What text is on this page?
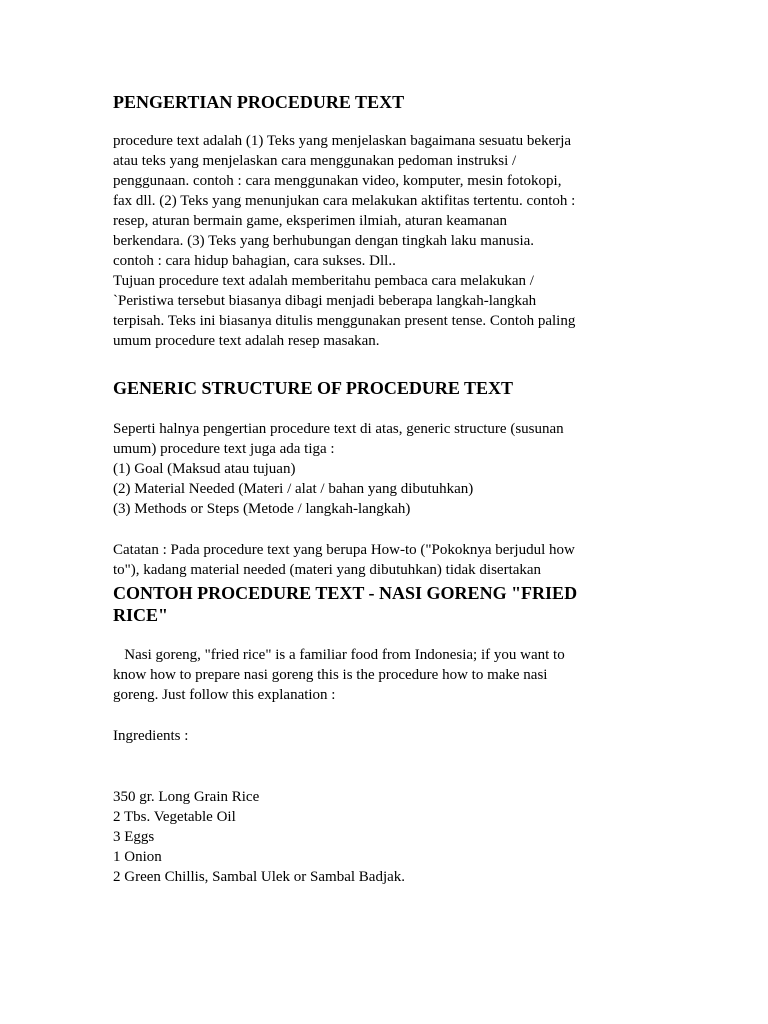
PENGERTIAN PROCEDURE TEXT
procedure text adalah (1) Teks yang menjelaskan bagaimana sesuatu bekerja
atau teks yang menjelaskan cara menggunakan pedoman instruksi /
penggunaan. contoh : cara menggunakan video, komputer, mesin fotokopi,
fax dll. (2) Teks yang menunjukan cara melakukan aktifitas tertentu. contoh :
resep, aturan bermain game, eksperimen ilmiah, aturan keamanan
berkendara. (3) Teks yang berhubungan dengan tingkah laku manusia.
contoh : cara hidup bahagian, cara sukses. Dll..
Tujuan procedure text adalah memberitahu pembaca cara melakukan /
`Peristiwa tersebut biasanya dibagi menjadi beberapa langkah-langkah
terpisah. Teks ini biasanya ditulis menggunakan present tense. Contoh paling
umum procedure text adalah resep masakan.
GENERIC STRUCTURE OF PROCEDURE TEXT
Seperti halnya pengertian procedure text di atas, generic structure (susunan
umum) procedure text juga ada tiga :
(1) Goal (Maksud atau tujuan)
(2) Material Needed (Materi / alat / bahan yang dibutuhkan)
(3) Methods or Steps (Metode / langkah-langkah)
Catatan : Pada procedure text yang berupa How-to ("Pokoknya berjudul how
to"), kadang material needed (materi yang dibutuhkan) tidak disertakan
CONTOH PROCEDURE TEXT - NASI GORENG "FRIED
RICE"
Nasi goreng, "fried rice" is a familiar food from Indonesia; if you want to
know how to prepare nasi goreng this is the procedure how to make nasi
goreng. Just follow this explanation :
Ingredients :
350 gr. Long Grain Rice
2 Tbs. Vegetable Oil
3 Eggs
1 Onion
2 Green Chillis, Sambal Ulek or Sambal Badjak.
